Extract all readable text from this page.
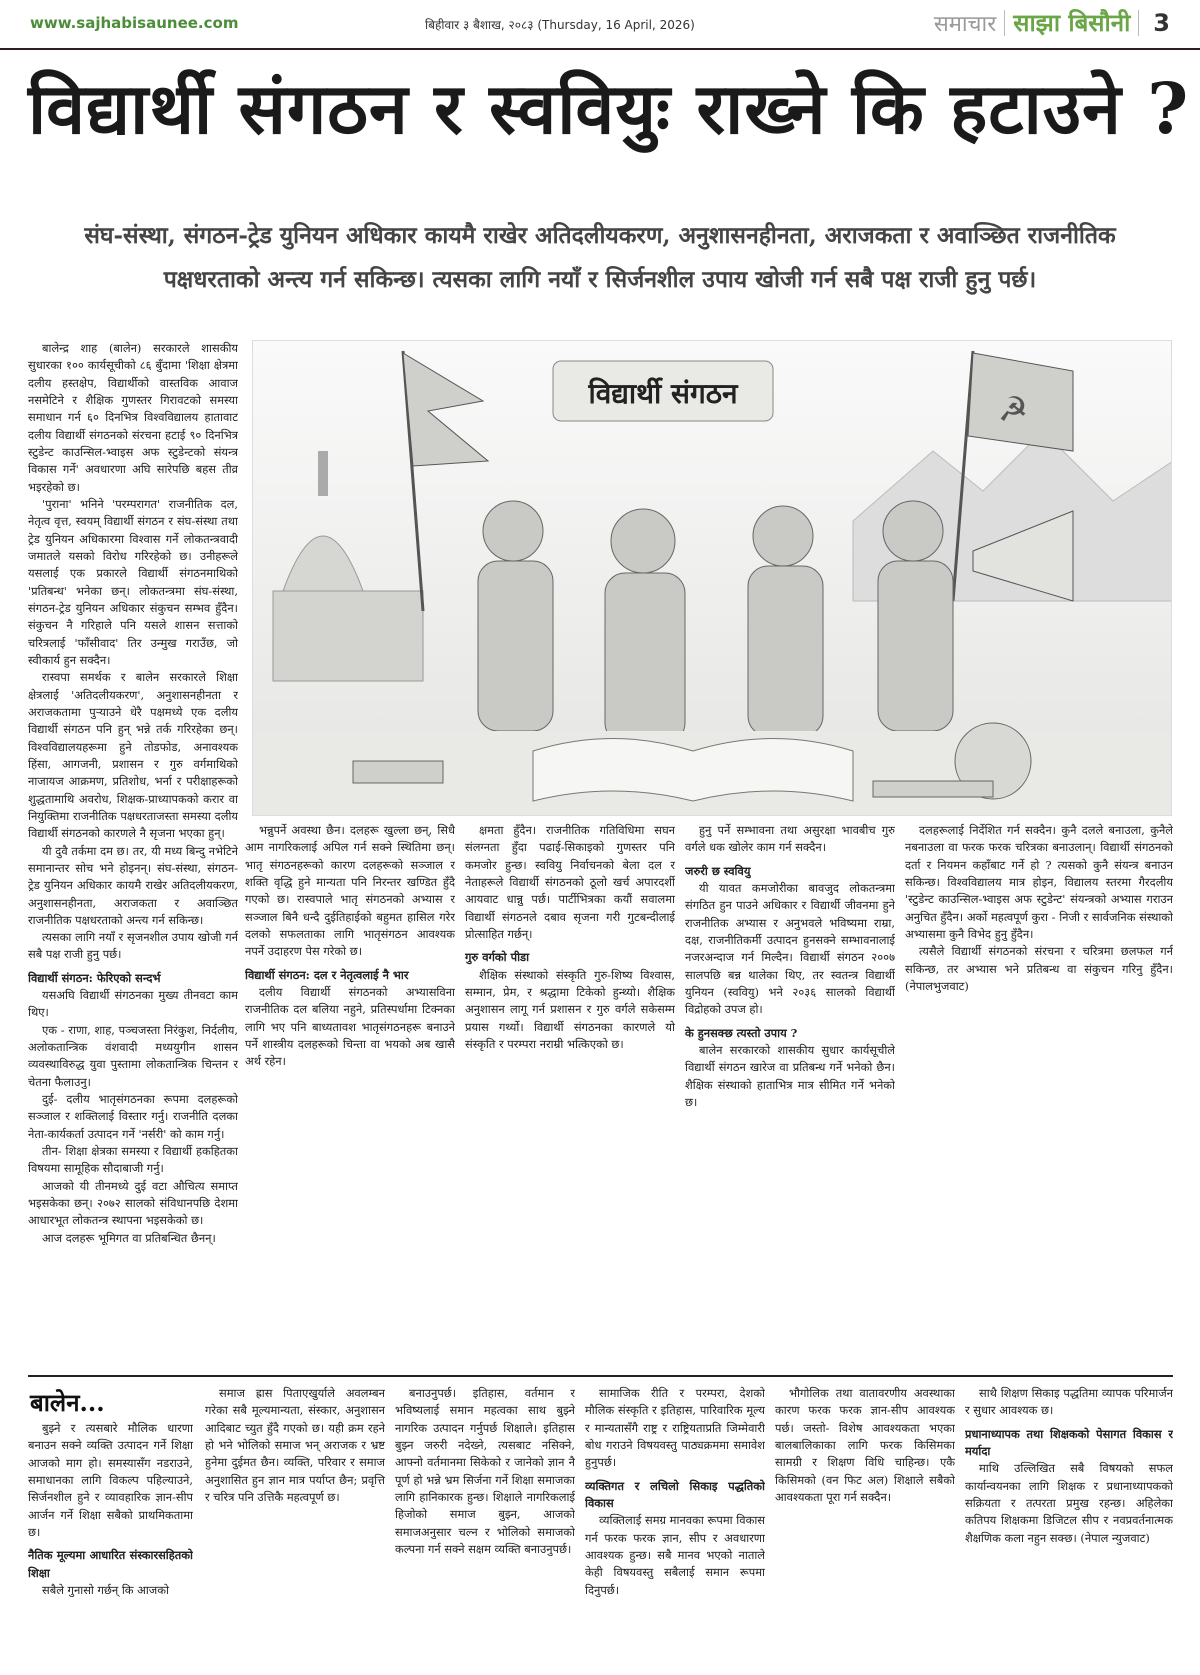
www.sajhabisaunee.com	बिहीवार ३ बैशाख, २०८३ (Thursday, 16 April, 2026)	समाचार साझा बिसौनी 3
विद्यार्थी संगठन र स्ववियुः राख्ने कि हटाउने ?
संघ-संस्था, संगठन-ट्रेड युनियन अधिकार कायमै राखेर अतिदलीयकरण, अनुशासनहीनता, अराजकता र अवाञ्छित राजनीतिक पक्षधरताको अन्त्य गर्न सकिन्छ। त्यसका लागि नयाँ र सिर्जनशील उपाय खोजी गर्न सबै पक्ष राजी हुनु पर्छ।

बालेन्द्र शाह (बालेन) सरकारले शासकीय सुधारका १०० कार्यसूचीको ८६ बुँदामा 'शिक्षा क्षेत्रमा दलीय हस्तक्षेप, विद्यार्थीको वास्तविक आवाज नसमेटिने र शैक्षिक गुणस्तर गिरावटको समस्या समाधान गर्न ६० दिनभित्र विश्वविद्यालय हातावाट दलीय विद्यार्थी संगठनको संरचना हटाई ९० दिनभित्र स्टुडेन्ट काउन्सिल-भ्वाइस अफ स्टुडेन्टको संयन्त्र विकास गर्ने' अवधारणा अघि सारेपछि बहस तीव्र भइरहेको छ।

'पुराना' भनिने 'परम्परागत' राजनीतिक दल, नेतृत्व वृत्त, स्वयम् विद्यार्थी संगठन र संघ-संस्था तथा ट्रेड युनियन अधिकारमा विश्वास गर्ने लोकतन्त्रवादी जमातले यसको विरोध गरिरहेको छ। उनीहरूले यसलाई एक प्रकारले विद्यार्थी संगठनमाथिको 'प्रतिबन्ध' भनेका छन्। लोकतन्त्रमा संघ-संस्था, संगठन-ट्रेड युनियन अधिकार संकुचन सम्भव हुँदैन। संकुचन नै गरिहाले पनि यसले शासन सत्ताको चरित्रलाई 'फाँसीवाद' तिर उन्मुख गराउँछ, जो स्वीकार्य हुन सक्दैन।

रास्वपा समर्थक र बालेन सरकारले शिक्षा क्षेत्रलाई 'अतिदलीयकरण', अनुशासनहीनता र अराजकतामा पुऱ्याउने धेरै पक्षमध्ये एक दलीय विद्यार्थी संगठन पनि हुन् भन्ने तर्क गरिरहेका छन्। विश्वविद्यालयहरूमा हुने तोडफोड, अनावश्यक हिंसा, आगजनी, प्रशासन र गुरु वर्गमाथिको नाजायज आक्रमण, प्रतिशोध, भर्ना र परीक्षाहरूको शुद्धतामाथि अवरोध, शिक्षक-प्राध्यापकको करार वा नियुक्तिमा राजनीतिक पक्षधरताजस्ता समस्या दलीय विद्यार्थी संगठनको कारणले नै सृजना भएका हुन्।

यी दुवै तर्कमा दम छ। तर, यी मध्य बिन्दु नभेटिने समानान्तर सोच भने होइनन्। संघ-संस्था, संगठन-ट्रेड युनियन अधिकार कायमै राखेर अतिदलीयकरण, अनुशासनहीनता, अराजकता र अवाञ्छित राजनीतिक पक्षधरताको अन्त्य गर्न सकिन्छ।

त्यसका लागि नयाँ र सृजनशील उपाय खोजी गर्न सबै पक्ष राजी हुनु पर्छ।

विद्यार्थी संगठन: फेरिएको सन्दर्भ

यसअघि विद्यार्थी संगठनका मुख्य तीनवटा काम थिए।

एक - राणा, शाह, पञ्चजस्ता निरंकुश, निर्दलीय, अलोकतान्त्रिक वंशवादी मध्ययुगीन शासन व्यवस्थाविरुद्ध युवा पुस्तामा लोकतान्त्रिक चिन्तन र चेतना फैलाउनु।

दुई- दलीय भातृसंगठनका रूपमा दलहरूको सञ्जाल र शक्तिलाई विस्तार गर्नु। राजनीति दलका नेता-कार्यकर्ता उत्पादन गर्ने 'नर्सरी' को काम गर्नु।

तीन- शिक्षा क्षेत्रका समस्या र विद्यार्थी हकहितका विषयमा सामूहिक सौदाबाजी गर्नु।

आजको यी तीनमध्ये दुई वटा औचित्य समाप्त भइसकेका छन्। २०७२ सालको संविधानपछि देशमा आधारभूत लोकतन्त्र स्थापना भइसकेको छ।

आज दलहरू भूमिगत वा प्रतिबन्धित छैनन्।

विद्यार्थी संगठन	☭

भन्नुपर्ने अवस्था छैन। दलहरू खुल्ला छन्, सिधै आम नागरिकलाई अपिल गर्न सक्ने स्थितिमा छन्। भातृ संगठनहरूको कारण दलहरूको सञ्जाल र शक्ति वृद्धि हुने मान्यता पनि निरन्तर खण्डित हुँदै गएको छ। रास्वपाले भातृ संगठनको अभ्यास र सञ्जाल बिनै धन्दै दुईतिहाईको बहुमत हासिल गरेर दलको सफलताका लागि भातृसंगठन आवश्यक नपर्ने उदाहरण पेस गरेको छ।

विद्यार्थी संगठन: दल र नेतृत्वलाई नै भार

दलीय विद्यार्थी संगठनको अभ्यासविना राजनीतिक दल बलिया नहुने, प्रतिस्पर्धामा टिक्नका लागि भए पनि बाध्यतावश भातृसंगठनहरू बनाउने पर्ने शास्त्रीय दलहरूको चिन्ता वा भयको अब खासै अर्थ रहेन।

क्षमता हुँदैन। राजनीतिक गतिविधिमा सघन संलग्नता हुँदा पढाई-सिकाइको गुणस्तर पनि कमजोर हुन्छ। स्ववियु निर्वाचनको बेला दल र नेताहरूले विद्यार्थी संगठनको ठूलो खर्च अपारदर्शी आयवाट धान्नु पर्छ। पार्टीभित्रका कयौं सवालमा विद्यार्थी संगठनले दबाव सृजना गरी गुटबन्दीलाई प्रोत्साहित गर्छन्।

गुरु वर्गको पीडा

शैक्षिक संस्थाको संस्कृति गुरु-शिष्य विश्वास, सम्मान, प्रेम, र श्रद्धामा टिकेको हुन्थ्यो। शैक्षिक अनुशासन लागू गर्न प्रशासन र गुरु वर्गले सकेसम्म प्रयास गर्थ्यो। विद्यार्थी संगठनका कारणले यो संस्कृति र परम्परा नराम्री भत्किएको छ।

हुनु पर्ने सम्भावना तथा असुरक्षा भावबीच गुरु वर्गले धक खोलेर काम गर्न सक्दैन।

जरुरी छ स्ववियु

यी यावत कमजोरीका बावजुद लोकतन्त्रमा संगठित हुन पाउने अधिकार र विद्यार्थी जीवनमा हुने राजनीतिक अभ्यास र अनुभवले भविष्यमा राम्रा, दक्ष, राजनीतिकर्मी उत्पादन हुनसक्ने सम्भावनालाई नजरअन्दाज गर्न मिल्दैन। विद्यार्थी संगठन २००७ सालपछि बन्न थालेका थिए, तर स्वतन्त्र विद्यार्थी युनियन (स्ववियु) भने २०३६ सालको विद्यार्थी विद्रोहको उपज हो।

के हुनसक्छ त्यस्तो उपाय ?

बालेन सरकारको शासकीय सुधार कार्यसूचीले विद्यार्थी संगठन खारेज वा प्रतिबन्ध गर्ने भनेको छैन। शैक्षिक संस्थाको हाताभित्र मात्र सीमित गर्ने भनेको छ।

दलहरूलाई निर्देशित गर्न सक्दैन। कुनै दलले बनाउला, कुनैले नबनाउला वा फरक फरक चरित्रका बनाउलान्। विद्यार्थी संगठनको दर्ता र नियमन कहाँबाट गर्ने हो ? त्यसको कुनै संयन्त्र बनाउन सकिन्छ। विश्वविद्यालय मात्र होइन, विद्यालय स्तरमा गैरदलीय 'स्टुडेन्ट काउन्सिल-भ्वाइस अफ स्टुडेन्ट' संयन्त्रको अभ्यास गराउन अनुचित हुँदैन। अर्को महत्वपूर्ण कुरा - निजी र सार्वजनिक संस्थाको अभ्यासमा कुनै विभेद हुनु हुँदैन।

त्यसैले विद्यार्थी संगठनको संरचना र चरित्रमा छलफल गर्न सकिन्छ, तर अभ्यास भने प्रतिबन्ध वा संकुचन गरिनु हुँदैन। (नेपालभुजवाट)

बालेन...

बुझ्ने र त्यसबारे मौलिक धारणा बनाउन सक्ने व्यक्ति उत्पादन गर्ने शिक्षा आजको माग हो। समस्यासँग नडराउने, समाधानका लागि विकल्प पहिल्याउने, सिर्जनशील हुने र व्यावहारिक ज्ञान-सीप आर्जन गर्ने शिक्षा सबैको प्राथमिकतामा छ।

नैतिक मूल्यमा आधारित संस्कारसहितको शिक्षा

सबैले गुनासो गर्छन् कि आजको

समाज ह्रास पिताएखुर्याले अवलम्बन गरेका सबै मूल्यमान्यता, संस्कार, अनुशासन आदिबाट च्युत हुँदै गएको छ। यही क्रम रहने हो भने भोलिको समाज भन् अराजक र भ्रष्ट हुनेमा दुईमत छैन। व्यक्ति, परिवार र समाज अनुशासित हुन ज्ञान मात्र पर्याप्त छैन; प्रवृत्ति र चरित्र पनि उत्तिकै महत्वपूर्ण छ।

बनाउनुपर्छ। इतिहास, वर्तमान र भविष्यलाई समान महत्वका साथ बुझ्ने नागरिक उत्पादन गर्नुपर्छ शिक्षाले। इतिहास बुझ्न जरुरी नदेख्ने, त्यसबाट नसिक्ने, आफ्नो वर्तमानमा सिकेको र जानेको ज्ञान नै पूर्ण हो भन्ने भ्रम सिर्जना गर्ने शिक्षा समाजका लागि हानिकारक हुन्छ। शिक्षाले नागरिकलाई हिजोको समाज बुझ्न, आजको समाजअनुसार चल्न र भोलिको समाजको कल्पना गर्न सक्ने सक्षम व्यक्ति बनाउनुपर्छ।

सामाजिक रीति र परम्परा, देशको मौलिक संस्कृति र इतिहास, पारिवारिक मूल्य र मान्यतासँगै राष्ट्र र राष्ट्रियताप्रति जिम्मेवारी बोध गराउने विषयवस्तु पाठ्यक्रममा समावेश हुनुपर्छ।

व्यक्तिगत र लचिलो सिकाइ पद्धतिको विकास

व्यक्तिलाई समग्र मानवका रूपमा विकास गर्न फरक फरक ज्ञान, सीप र अवधारणा आवश्यक हुन्छ। सबै मानव भएको नाताले केही विषयवस्तु सबैलाई समान रूपमा दिनुपर्छ।

भौगोलिक तथा वातावरणीय अवस्थाका कारण फरक फरक ज्ञान-सीप आवश्यक पर्छ। जस्तो- विशेष आवश्यकता भएका बालबालिकाका लागि फरक किसिमका सामग्री र शिक्षण विधि चाहिन्छ। एकै किसिमको (वन फिट अल) शिक्षाले सबैको आवश्यकता पूरा गर्न सक्दैन।

साथै शिक्षण सिकाइ पद्धतिमा व्यापक परिमार्जन र सुधार आवश्यक छ।

प्रधानाध्यापक तथा शिक्षकको पेसागत विकास र मर्यादा

माथि उल्लिखित सबै विषयको सफल कार्यान्वयनका लागि शिक्षक र प्रधानाध्यापकको सक्रियता र तत्परता प्रमुख रहन्छ। अहिलेका कतिपय शिक्षकमा डिजिटल सीप र नवप्रवर्तनात्मक शैक्षणिक कला नहुन सक्छ। (नेपाल न्युजवाट)
